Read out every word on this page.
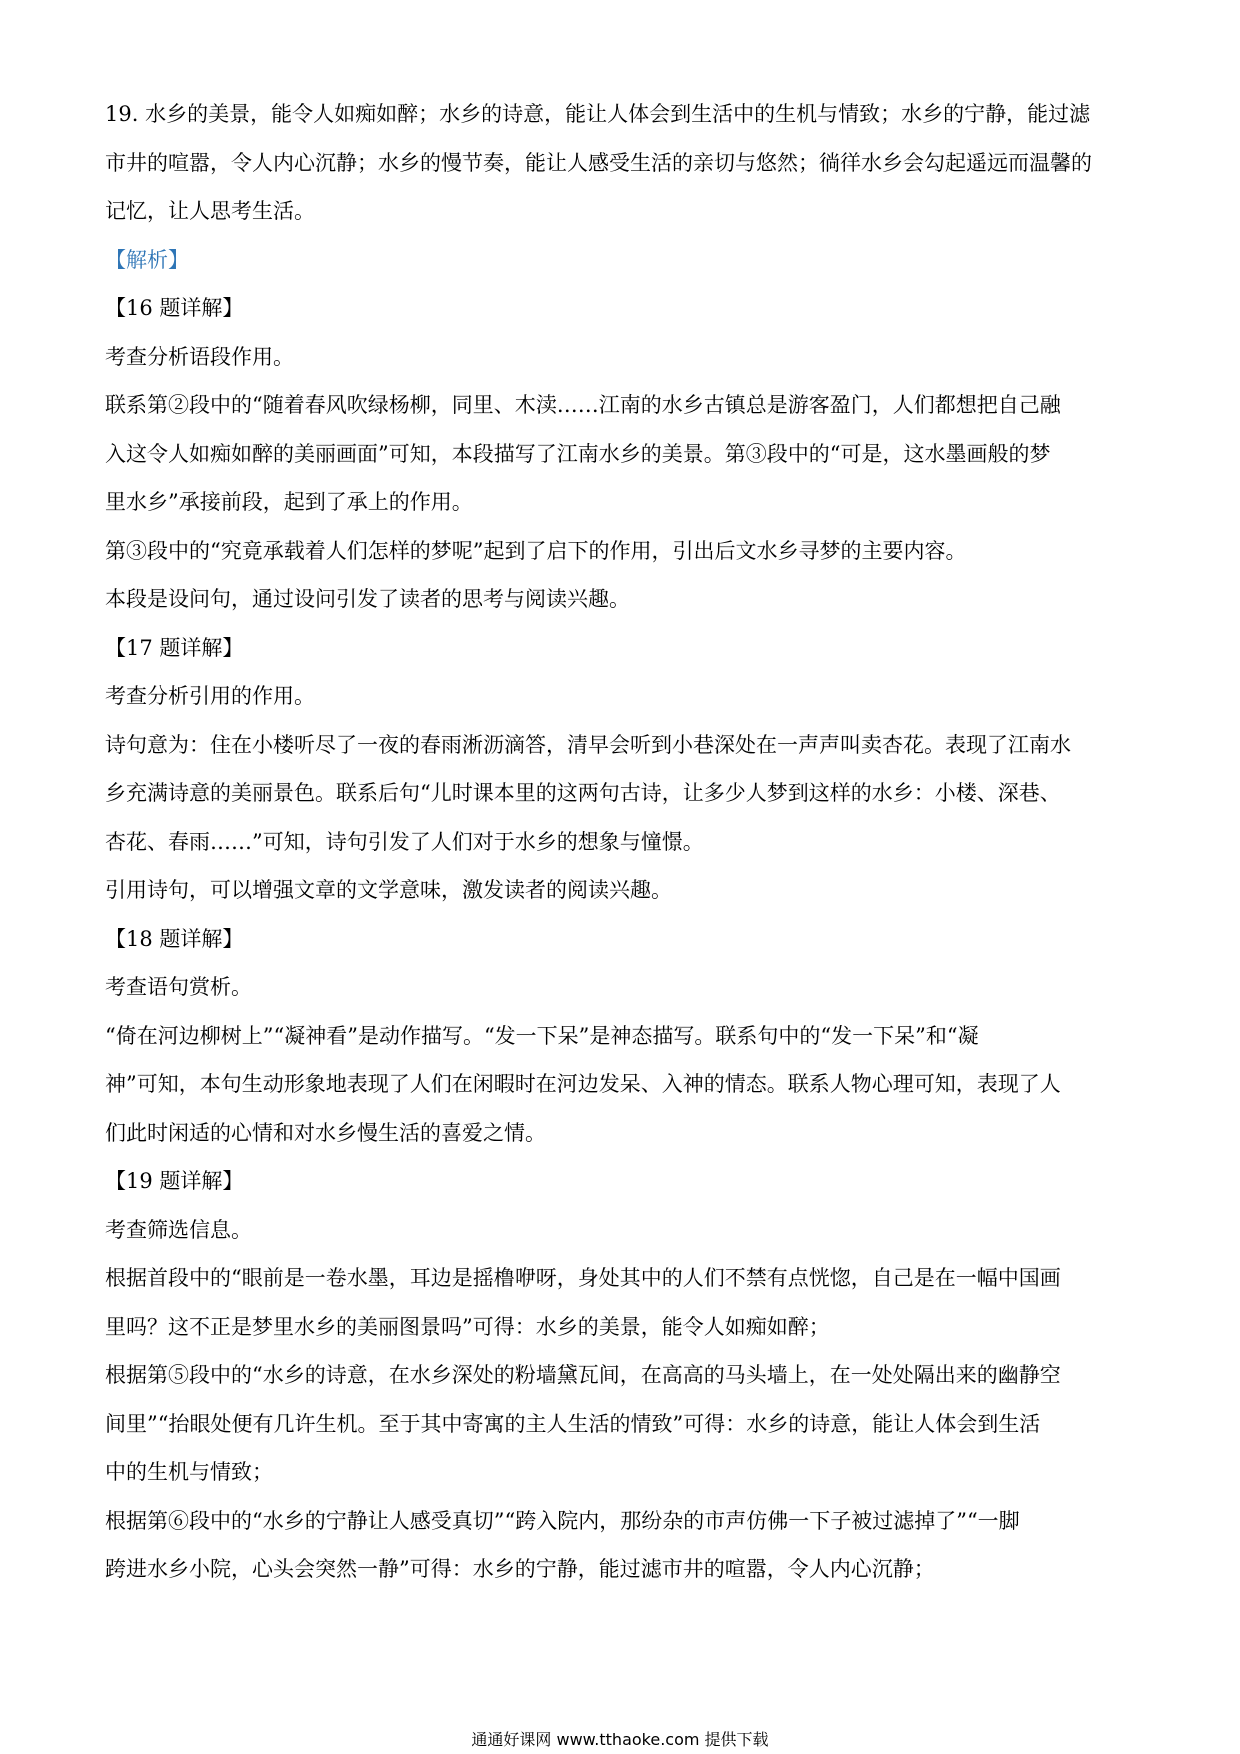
19. 水乡的美景，能令人如痴如醉；水乡的诗意，能让人体会到生活中的生机与情致；水乡的宁静，能过滤

市井的喧嚣，令人内心沉静；水乡的慢节奏，能让人感受生活的亲切与悠然；徜徉水乡会勾起遥远而温馨的

记忆，让人思考生活。

【解析】

【16 题详解】

考查分析语段作用。

联系第②段中的“随着春风吹绿杨柳，同里、木渎……江南的水乡古镇总是游客盈门，人们都想把自己融

入这令人如痴如醉的美丽画面”可知，本段描写了江南水乡的美景。第③段中的“可是，这水墨画般的梦

里水乡”承接前段，起到了承上的作用。

第③段中的“究竟承载着人们怎样的梦呢”起到了启下的作用，引出后文水乡寻梦的主要内容。

本段是设问句，通过设问引发了读者的思考与阅读兴趣。

【17 题详解】

考查分析引用的作用。

诗句意为：住在小楼听尽了一夜的春雨淅沥滴答，清早会听到小巷深处在一声声叫卖杏花。表现了江南水

乡充满诗意的美丽景色。联系后句“儿时课本里的这两句古诗，让多少人梦到这样的水乡：小楼、深巷、

杏花、春雨……”可知，诗句引发了人们对于水乡的想象与憧憬。

引用诗句，可以增强文章的文学意味，激发读者的阅读兴趣。

【18 题详解】

考查语句赏析。

“倚在河边柳树上”“凝神看”是动作描写。“发一下呆”是神态描写。联系句中的“发一下呆”和“凝

神”可知，本句生动形象地表现了人们在闲暇时在河边发呆、入神的情态。联系人物心理可知，表现了人

们此时闲适的心情和对水乡慢生活的喜爱之情。

【19 题详解】

考查筛选信息。

根据首段中的“眼前是一卷水墨，耳边是摇橹咿呀，身处其中的人们不禁有点恍惚，自己是在一幅中国画

里吗？这不正是梦里水乡的美丽图景吗”可得：水乡的美景，能令人如痴如醉；

根据第⑤段中的“水乡的诗意，在水乡深处的粉墙黛瓦间，在高高的马头墙上，在一处处隔出来的幽静空

间里”“抬眼处便有几许生机。至于其中寄寓的主人生活的情致”可得：水乡的诗意，能让人体会到生活

中的生机与情致；

根据第⑥段中的“水乡的宁静让人感受真切”“跨入院内，那纷杂的市声仿佛一下子被过滤掉了”“一脚

跨进水乡小院，心头会突然一静”可得：水乡的宁静，能过滤市井的喧嚣，令人内心沉静；

通通好课网 www.tthaoke.com 提供下载
